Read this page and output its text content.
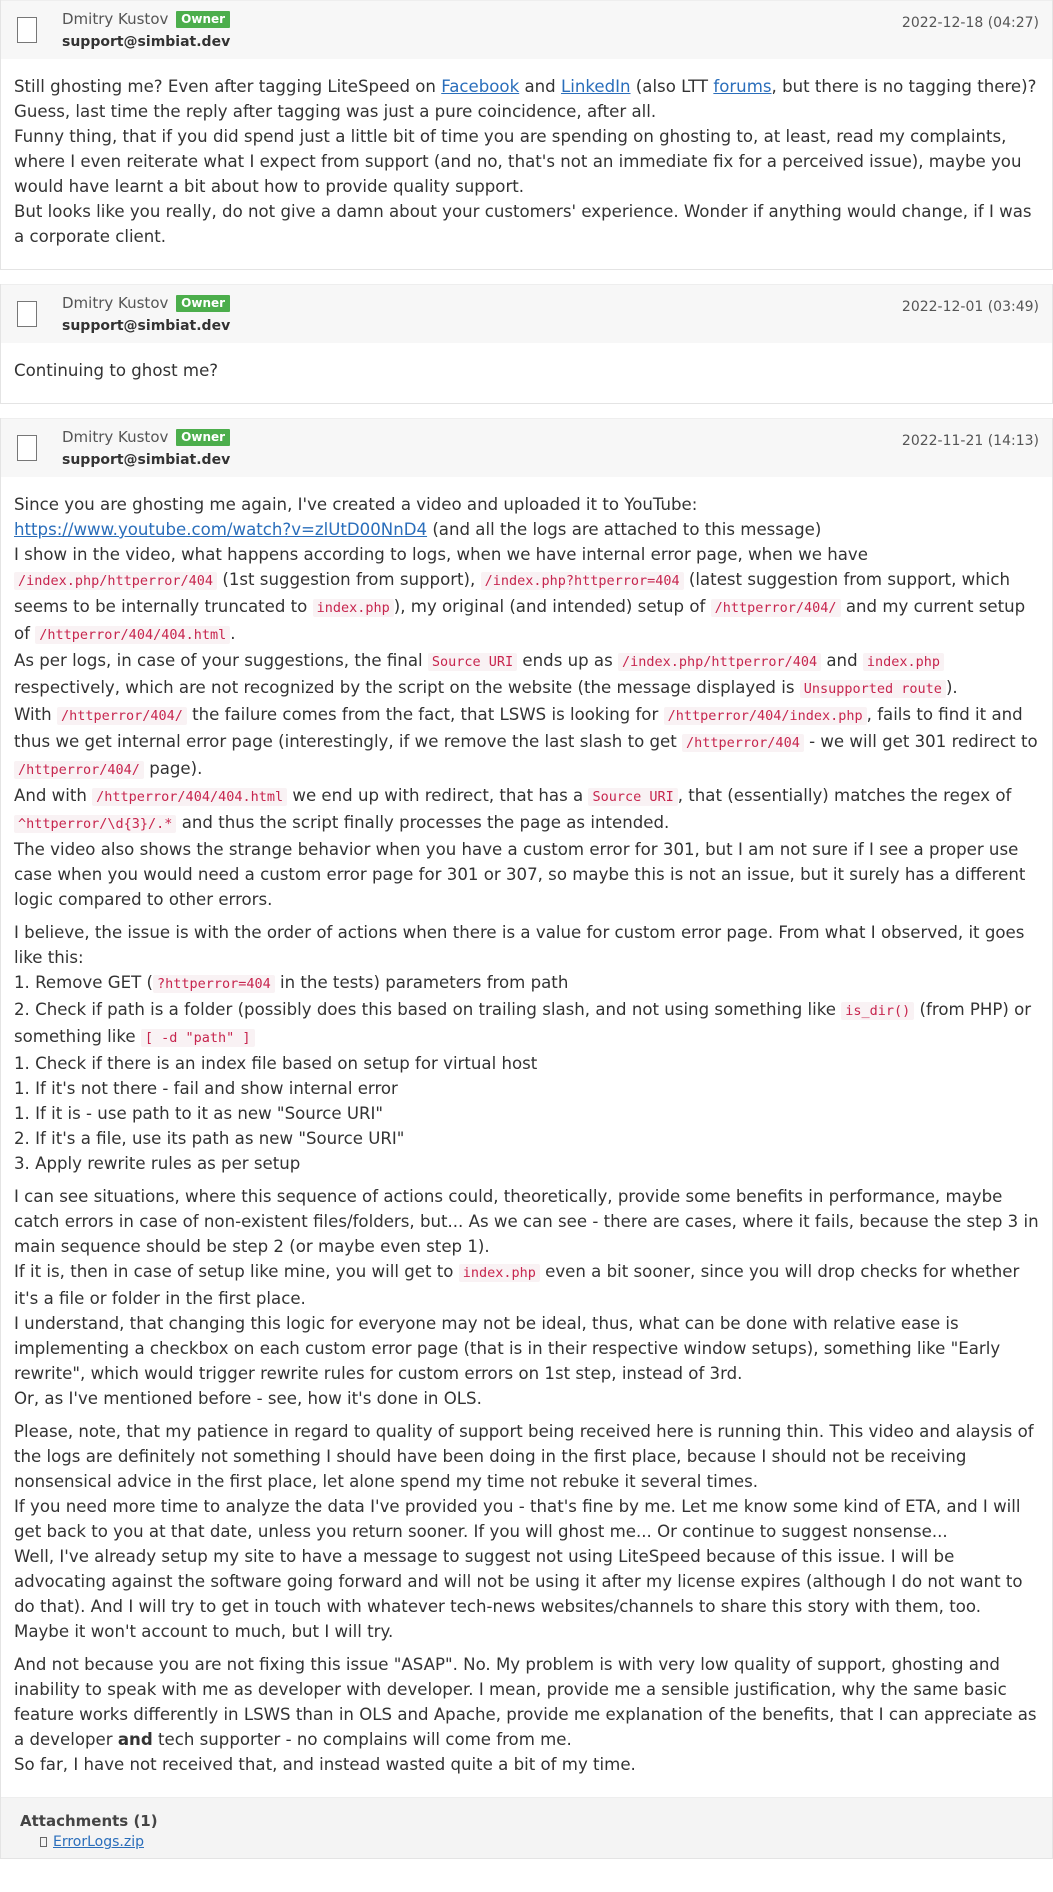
Dmitry Kustov Owner
support@simbiat.dev
2022-12-18 (04:27)

Still ghosting me? Even after tagging LiteSpeed on Facebook and LinkedIn (also LTT forums, but there is no tagging there)? Guess, last time the reply after tagging was just a pure coincidence, after all.

Funny thing, that if you did spend just a little bit of time you are spending on ghosting to, at least, read my complaints, where I even reiterate what I expect from support (and no, that's not an immediate fix for a perceived issue), maybe you would have learnt a bit about how to provide quality support.

But looks like you really, do not give a damn about your customers' experience. Wonder if anything would change, if I was a corporate client.

Dmitry Kustov Owner
support@simbiat.dev
2022-12-01 (03:49)

Continuing to ghost me?

Dmitry Kustov Owner
support@simbiat.dev
2022-11-21 (14:13)

Since you are ghosting me again, I've created a video and uploaded it to YouTube:

https://www.youtube.com/watch?v=zlUtD00NnD4 (and all the logs are attached to this message)

I show in the video, what happens according to logs, when we have internal error page, when we have /index.php/httperror/404 (1st suggestion from support), /index.php?httperror=404 (latest suggestion from support, which seems to be internally truncated to index.php ), my original (and intended) setup of /httperror/404/ and my current setup of /httperror/404/404.html .

As per logs, in case of your suggestions, the final Source URI ends up as /index.php/httperror/404 and index.php respectively, which are not recognized by the script on the website (the message displayed is Unsupported route ).

With /httperror/404/ the failure comes from the fact, that LSWS is looking for /httperror/404/index.php , fails to find it and thus we get internal error page (interestingly, if we remove the last slash to get /httperror/404 - we will get 301 redirect to /httperror/404/ page).

And with /httperror/404/404.html we end up with redirect, that has a Source URI , that (essentially) matches the regex of ^httperror/\d{3}/.* and thus the script finally processes the page as intended.

The video also shows the strange behavior when you have a custom error for 301, but I am not sure if I see a proper use case when you would need a custom error page for 301 or 307, so maybe this is not an issue, but it surely has a different logic compared to other errors.

I believe, the issue is with the order of actions when there is a value for custom error page. From what I observed, it goes like this:

1. Remove GET ( ?httperror=404 in the tests) parameters from path

2. Check if path is a folder (possibly does this based on trailing slash, and not using something like is_dir() (from PHP) or something like [ -d "path" ]

1. Check if there is an index file based on setup for virtual host

1. If it's not there - fail and show internal error

1. If it is - use path to it as new "Source URI"

2. If it's a file, use its path as new "Source URI"

3. Apply rewrite rules as per setup

I can see situations, where this sequence of actions could, theoretically, provide some benefits in performance, maybe catch errors in case of non-existent files/folders, but... As we can see - there are cases, where it fails, because the step 3 in main sequence should be step 2 (or maybe even step 1).

If it is, then in case of setup like mine, you will get to index.php even a bit sooner, since you will drop checks for whether it's a file or folder in the first place.

I understand, that changing this logic for everyone may not be ideal, thus, what can be done with relative ease is implementing a checkbox on each custom error page (that is in their respective window setups), something like "Early rewrite", which would trigger rewrite rules for custom errors on 1st step, instead of 3rd.

Or, as I've mentioned before - see, how it's done in OLS.

Please, note, that my patience in regard to quality of support being received here is running thin. This video and alaysis of the logs are definitely not something I should have been doing in the first place, because I should not be receiving nonsensical advice in the first place, let alone spend my time not rebuke it several times.

If you need more time to analyze the data I've provided you - that's fine by me. Let me know some kind of ETA, and I will get back to you at that date, unless you return sooner. If you will ghost me... Or continue to suggest nonsense...

Well, I've already setup my site to have a message to suggest not using LiteSpeed because of this issue. I will be advocating against the software going forward and will not be using it after my license expires (although I do not want to do that). And I will try to get in touch with whatever tech-news websites/channels to share this story with them, too. Maybe it won't account to much, but I will try.

And not because you are not fixing this issue "ASAP". No. My problem is with very low quality of support, ghosting and inability to speak with me as developer with developer. I mean, provide me a sensible justification, why the same basic feature works differently in LSWS than in OLS and Apache, provide me explanation of the benefits, that I can appreciate as a developer and tech supporter - no complains will come from me.

So far, I have not received that, and instead wasted quite a bit of my time.

Attachments (1)
ErrorLogs.zip
